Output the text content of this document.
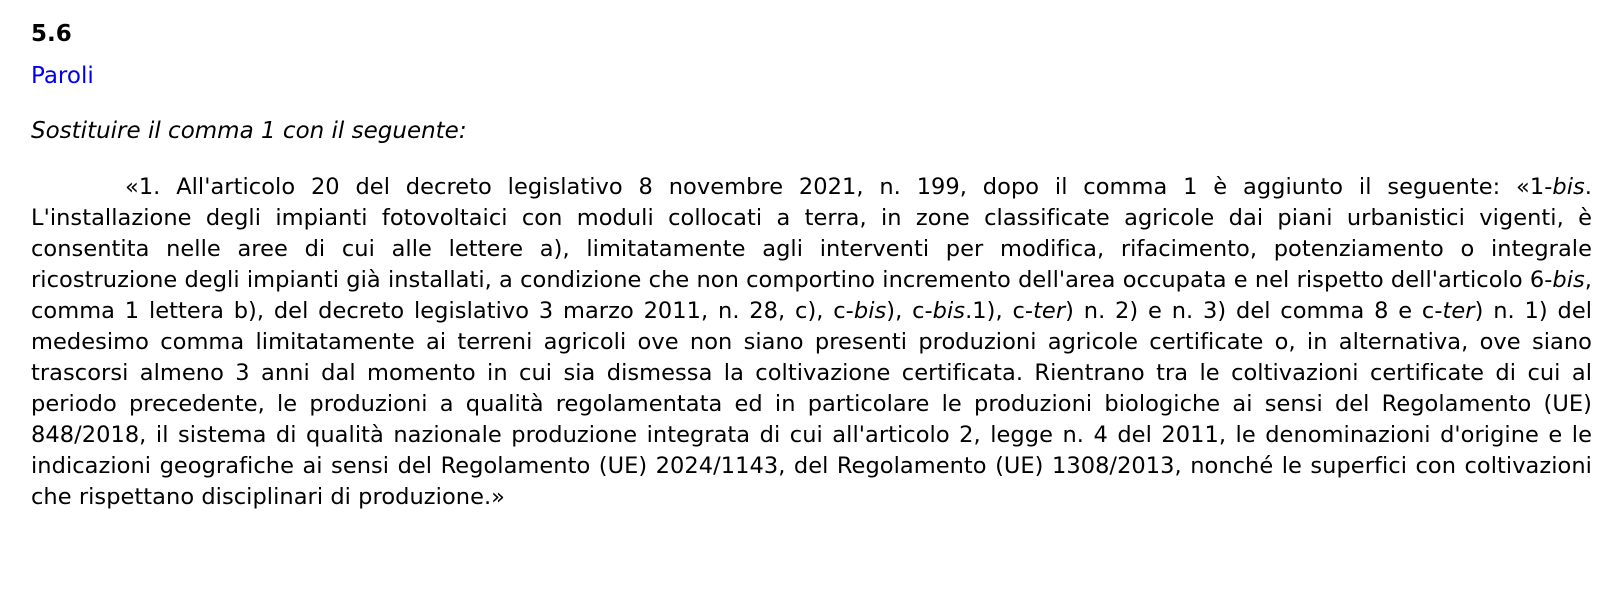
5.6
Paroli
Sostituire il comma 1 con il seguente:
«1. All'articolo 20 del decreto legislativo 8 novembre 2021, n. 199, dopo il comma 1 è aggiunto il seguente: «1-bis. L'installazione degli impianti fotovoltaici con moduli collocati a terra, in zone classificate agricole dai piani urbanistici vigenti, è consentita nelle aree di cui alle lettere a), limitatamente agli interventi per modifica, rifacimento, potenziamento o integrale ricostruzione degli impianti già installati, a condizione che non comportino incremento dell'area occupata e nel rispetto dell'articolo 6-bis, comma 1 lettera b), del decreto legislativo 3 marzo 2011, n. 28, c), c-bis), c-bis.1), c-ter) n. 2) e n. 3) del comma 8 e c-ter) n. 1) del medesimo comma limitatamente ai terreni agricoli ove non siano presenti produzioni agricole certificate o, in alternativa, ove siano trascorsi almeno 3 anni dal momento in cui sia dismessa la coltivazione certificata. Rientrano tra le coltivazioni certificate di cui al periodo precedente, le produzioni a qualità regolamentata ed in particolare le produzioni biologiche ai sensi del Regolamento (UE) 848/2018, il sistema di qualità nazionale produzione integrata di cui all'articolo 2, legge n. 4 del 2011, le denominazioni d'origine e le indicazioni geografiche ai sensi del Regolamento (UE) 2024/1143, del Regolamento (UE) 1308/2013, nonché le superfici con coltivazioni che rispettano disciplinari di produzione.»
